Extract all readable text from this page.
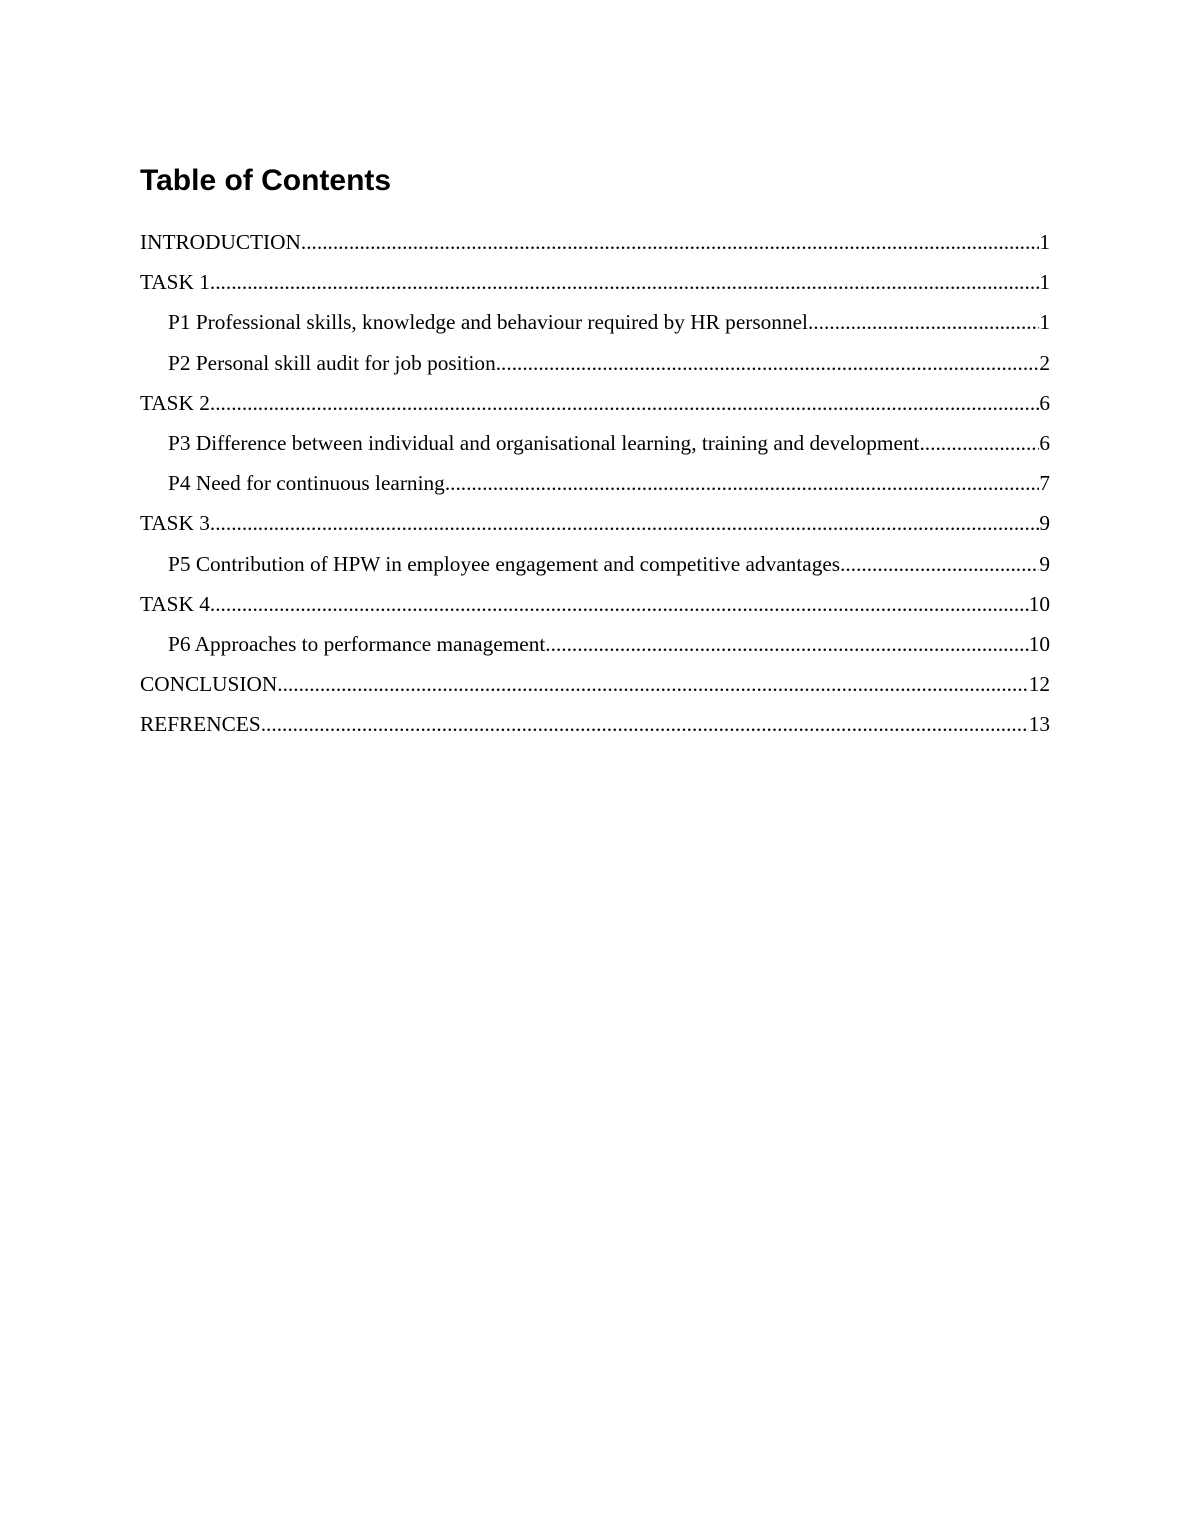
Table of Contents
INTRODUCTION .....	1
TASK 1 .....	1
P1 Professional skills, knowledge and behaviour required by HR personnel .....	1
P2 Personal skill audit for job position .....	2
TASK 2 .....	6
P3 Difference between individual and organisational learning, training and development .....	6
P4 Need for continuous learning .....	7
TASK 3 .....	9
P5 Contribution of HPW in employee engagement and competitive advantages .....	9
TASK 4 .....	10
P6 Approaches to performance management .....	10
CONCLUSION .....	12
REFRENCES .....	13
